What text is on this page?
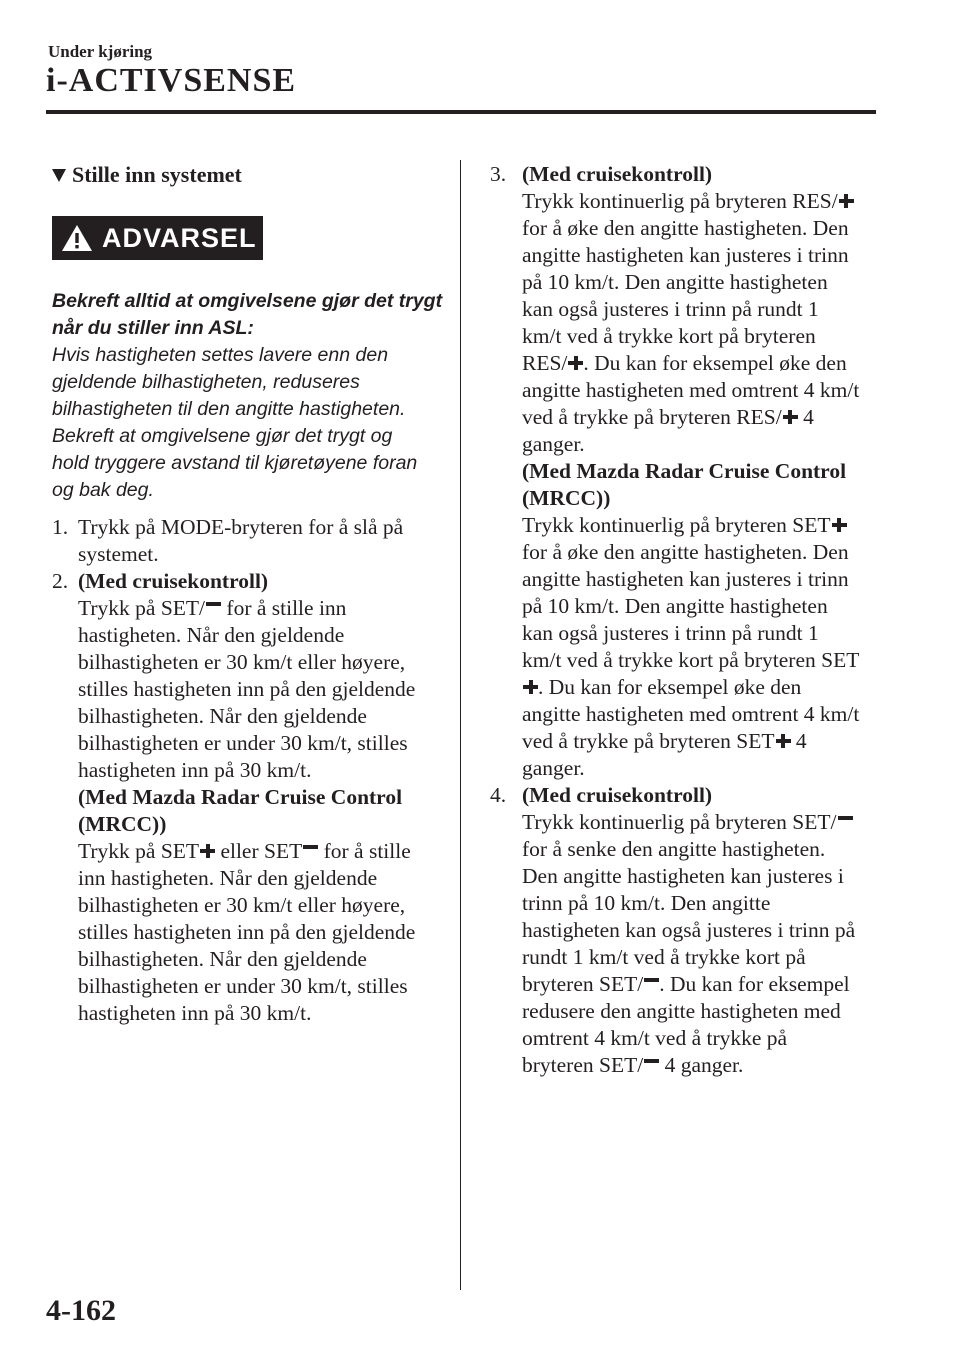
Under kjøring
i-ACTIVSENSE
Stille inn systemet
ADVARSEL
Bekreft alltid at omgivelsene gjør det trygt
når du stiller inn ASL:
Hvis hastigheten settes lavere enn den
gjeldende bilhastigheten, reduseres
bilhastigheten til den angitte hastigheten.
Bekreft at omgivelsene gjør det trygt og
hold tryggere avstand til kjøretøyene foran
og bak deg.
1. Trykk på MODE-bryteren for å slå på
systemet.
2. (Med cruisekontroll)
Trykk på SET/ for å stille inn
hastigheten. Når den gjeldende
bilhastigheten er 30 km/t eller høyere,
stilles hastigheten inn på den gjeldende
bilhastigheten. Når den gjeldende
bilhastigheten er under 30 km/t, stilles
hastigheten inn på 30 km/t.
(Med Mazda Radar Cruise Control
(MRCC))
Trykk på SET eller SET for å stille
inn hastigheten. Når den gjeldende
bilhastigheten er 30 km/t eller høyere,
stilles hastigheten inn på den gjeldende
bilhastigheten. Når den gjeldende
bilhastigheten er under 30 km/t, stilles
hastigheten inn på 30 km/t.
3. (Med cruisekontroll)
Trykk kontinuerlig på bryteren RES/
for å øke den angitte hastigheten. Den
angitte hastigheten kan justeres i trinn
på 10 km/t. Den angitte hastigheten
kan også justeres i trinn på rundt 1
km/t ved å trykke kort på bryteren
RES/ . Du kan for eksempel øke den
angitte hastigheten med omtrent 4 km/t
ved å trykke på bryteren RES/ 4
ganger.
(Med Mazda Radar Cruise Control
(MRCC))
Trykk kontinuerlig på bryteren SET
for å øke den angitte hastigheten. Den
angitte hastigheten kan justeres i trinn
på 10 km/t. Den angitte hastigheten
kan også justeres i trinn på rundt 1
km/t ved å trykke kort på bryteren SET
. Du kan for eksempel øke den
angitte hastigheten med omtrent 4 km/t
ved å trykke på bryteren SET 4
ganger.
4. (Med cruisekontroll)
Trykk kontinuerlig på bryteren SET/
for å senke den angitte hastigheten.
Den angitte hastigheten kan justeres i
trinn på 10 km/t. Den angitte
hastigheten kan også justeres i trinn på
rundt 1 km/t ved å trykke kort på
bryteren SET/ . Du kan for eksempel
redusere den angitte hastigheten med
omtrent 4 km/t ved å trykke på
bryteren SET/ 4 ganger.
4-162
